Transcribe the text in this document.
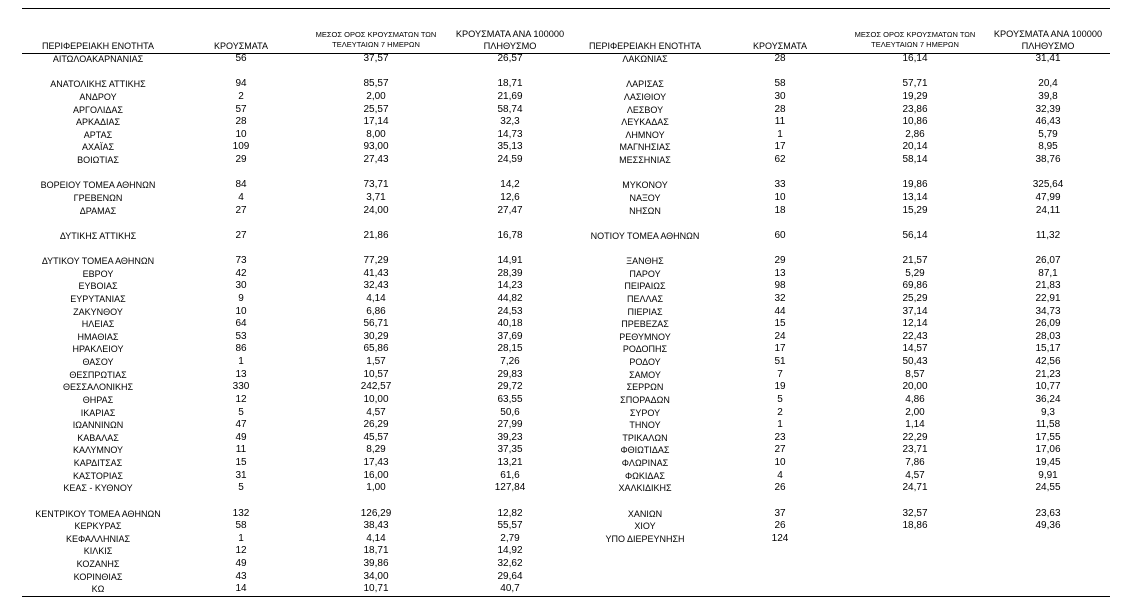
ΠΕΡΙΦΕΡΕΙΑΚΗ ΕΝΟΤΗΤΑ	ΚΡΟΥΣΜΑΤΑ
ΜΕΣΟΣ ΟΡΟΣ ΚΡΟΥΣΜΑΤΩΝ ΤΩΝ
ΤΕΛΕΥΤΑΙΩΝ 7 ΗΜΕΡΩΝ
ΚΡΟΥΣΜΑΤΑ ΑΝΑ 100000
ΠΛΗΘΥΣΜΟ
ΑΙΤΩΛΟΑΚΑΡΝΑΝΙΑΣ	56	37,57	26,57
ΑΝΑΤΟΛΙΚΗΣ ΑΤΤΙΚΗΣ	94	85,57	18,71
ΑΝΔΡΟΥ	2	2,00	21,69
ΑΡΓΟΛΙΔΑΣ	57	25,57	58,74
ΑΡΚΑΔΙΑΣ	28	17,14	32,3
ΑΡΤΑΣ	10	8,00	14,73
ΑΧΑΪΑΣ	109	93,00	35,13
ΒΟΙΩΤΙΑΣ	29	27,43	24,59
ΒΟΡΕΙΟΥ ΤΟΜΕΑ ΑΘΗΝΩΝ	84	73,71	14,2
ΓΡΕΒΕΝΩΝ	4	3,71	12,6
ΔΡΑΜΑΣ	27	24,00	27,47
ΔΥΤΙΚΗΣ ΑΤΤΙΚΗΣ	27	21,86	16,78
ΔΥΤΙΚΟΥ ΤΟΜΕΑ ΑΘΗΝΩΝ	73	77,29	14,91
ΕΒΡΟΥ	42	41,43	28,39
ΕΥΒΟΙΑΣ	30	32,43	14,23
ΕΥΡΥΤΑΝΙΑΣ	9	4,14	44,82
ΖΑΚΥΝΘΟΥ	10	6,86	24,53
ΗΛΕΙΑΣ	64	56,71	40,18
ΗΜΑΘΙΑΣ	53	30,29	37,69
ΗΡΑΚΛΕΙΟΥ	86	65,86	28,15
ΘΑΣΟΥ	1	1,57	7,26
ΘΕΣΠΡΩΤΙΑΣ	13	10,57	29,83
ΘΕΣΣΑΛΟΝΙΚΗΣ	330	242,57	29,72
ΘΗΡΑΣ	12	10,00	63,55
ΙΚΑΡΙΑΣ	5	4,57	50,6
ΙΩΑΝΝΙΝΩΝ	47	26,29	27,99
ΚΑΒΑΛΑΣ	49	45,57	39,23
ΚΑΛΥΜΝΟΥ	11	8,29	37,35
ΚΑΡΔΙΤΣΑΣ	15	17,43	13,21
ΚΑΣΤΟΡΙΑΣ	31	16,00	61,6
ΚΕΑΣ - ΚΥΘΝΟΥ	5	1,00	127,84
ΚΕΝΤΡΙΚΟΥ ΤΟΜΕΑ ΑΘΗΝΩΝ	132	126,29	12,82
ΚΕΡΚΥΡΑΣ	58	38,43	55,57
ΚΕΦΑΛΛΗΝΙΑΣ	1	4,14	2,79
ΚΙΛΚΙΣ	12	18,71	14,92
ΚΟΖΑΝΗΣ	49	39,86	32,62
ΚΟΡΙΝΘΙΑΣ	43	34,00	29,64
ΚΩ	14	10,71	40,7
ΠΕΡΙΦΕΡΕΙΑΚΗ ΕΝΟΤΗΤΑ	ΚΡΟΥΣΜΑΤΑ
ΜΕΣΟΣ ΟΡΟΣ ΚΡΟΥΣΜΑΤΩΝ ΤΩΝ
ΤΕΛΕΥΤΑΙΩΝ 7 ΗΜΕΡΩΝ
ΚΡΟΥΣΜΑΤΑ ΑΝΑ 100000
ΠΛΗΘΥΣΜΟ
ΛΑΚΩΝΙΑΣ	28	16,14	31,41
ΛΑΡΙΣΑΣ	58	57,71	20,4
ΛΑΣΙΘΙΟΥ	30	19,29	39,8
ΛΕΣΒΟΥ	28	23,86	32,39
ΛΕΥΚΑΔΑΣ	11	10,86	46,43
ΛΗΜΝΟΥ	1	2,86	5,79
ΜΑΓΝΗΣΙΑΣ	17	20,14	8,95
ΜΕΣΣΗΝΙΑΣ	62	58,14	38,76
ΜΥΚΟΝΟΥ	33	19,86	325,64
ΝΑΞΟΥ	10	13,14	47,99
ΝΗΣΩΝ	18	15,29	24,11
ΝΟΤΙΟΥ ΤΟΜΕΑ ΑΘΗΝΩΝ	60	56,14	11,32
ΞΑΝΘΗΣ	29	21,57	26,07
ΠΑΡΟΥ	13	5,29	87,1
ΠΕΙΡΑΙΩΣ	98	69,86	21,83
ΠΕΛΛΑΣ	32	25,29	22,91
ΠΙΕΡΙΑΣ	44	37,14	34,73
ΠΡΕΒΕΖΑΣ	15	12,14	26,09
ΡΕΘΥΜΝΟΥ	24	22,43	28,03
ΡΟΔΟΠΗΣ	17	14,57	15,17
ΡΟΔΟΥ	51	50,43	42,56
ΣΑΜΟΥ	7	8,57	21,23
ΣΕΡΡΩΝ	19	20,00	10,77
ΣΠΟΡΑΔΩΝ	5	4,86	36,24
ΣΥΡΟΥ	2	2,00	9,3
ΤΗΝΟΥ	1	1,14	11,58
ΤΡΙΚΑΛΩΝ	23	22,29	17,55
ΦΘΙΩΤΙΔΑΣ	27	23,71	17,06
ΦΛΩΡΙΝΑΣ	10	7,86	19,45
ΦΩΚΙΔΑΣ	4	4,57	9,91
ΧΑΛΚΙΔΙΚΗΣ	26	24,71	24,55
ΧΑΝΙΩΝ	37	32,57	23,63
ΧΙΟΥ	26	18,86	49,36
ΥΠΟ ΔΙΕΡΕΥΝΗΣΗ	124
